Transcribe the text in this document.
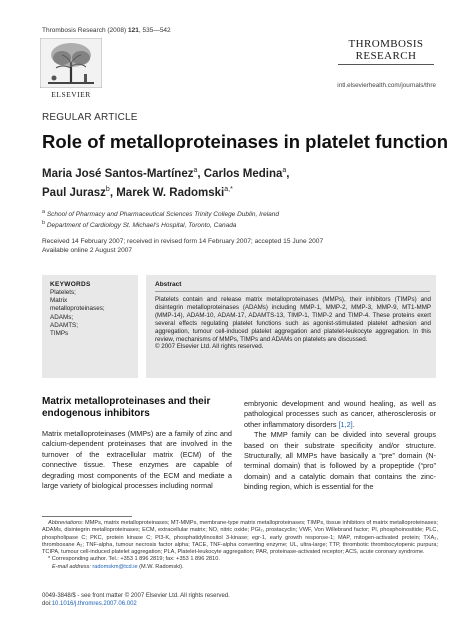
Thrombosis Research (2008) 121, 535—542
ELSEVIER
THROMBOSIS
RESEARCH
intl.elsevierhealth.com/journals/thre
REGULAR ARTICLE
Role of metalloproteinases in platelet function
Maria José Santos-Martínez$^a$, Carlos Medina$^a$,
Paul Jurasz$^b$, Marek W. Radomski$^{a,*}$
$^a$ School of Pharmacy and Pharmaceutical Sciences Trinity College Dublin, Ireland
$^b$ Department of Cardiology St. Michael's Hospital, Toronto, Canada
Received 14 February 2007; received in revised form 14 February 2007; accepted 15 June 2007
Available online 2 August 2007
KEYWORDS
Platelets;
Matrix
metalloproteinases;
ADAMs;
ADAMTS;
TIMPs
Abstract
Platelets contain and release matrix metalloproteinases (MMPs), their inhibitors (TIMPs) and disintegrin metalloproteinases (ADAMs) including MMP-1, MMP-2, MMP-3, MMP-9, MT1-MMP (MMP-14), ADAM-10, ADAM-17, ADAMTS-13, TIMP-1, TIMP-2 and TIMP-4. These proteins exert several effects regulating platelet functions such as agonist-stimulated platelet adhesion and aggregation, tumour cell-induced platelet aggregation and platelet-leukocyte aggregation. In this review, mechanisms of MMPs, TIMPs and ADAMs on platelets are discussed.
© 2007 Elsevier Ltd. All rights reserved.
Matrix metalloproteinases and their endogenous inhibitors
Matrix metalloproteinases (MMPs) are a family of zinc and calcium-dependent proteinases that are involved in the turnover of the extracellular matrix (ECM) of the connective tissue. These enzymes are capable of degrading most components of the ECM and mediate a large variety of biological processes including normal
embryonic development and wound healing, as well as pathological processes such as cancer, atherosclerosis or other inflammatory disorders [1,2].
The MMP family can be divided into several groups based on their substrate specificity and/or structure. Structurally, all MMPs have basically a “pre” domain (N-terminal domain) that is followed by a propeptide (“pro” domain) and a catalytic domain that contains the zinc-binding region, which is essential for the
Abbreviations: MMPs, matrix metalloproteinases; MT-MMPs, membrane-type matrix metalloproteinases; TIMPs, tissue inhibitors of matrix metalloproteinases; ADAMs, disintegrin metalloproteinases; ECM, extracellular matrix; NO, nitric oxide; PGI₂, prostacyclin; VWF, Von Willebrand factor; PI, phosphoinositide; PLC, phospholipase C; PKC, protein kinase C; PI3-K, phosphatidylinositol 3-kinase; egr-1, early growth response-1; MAP, mitogen-activated protein; TXA₂, thromboxane A₂; TNF-alpha, tumour necrosis factor alpha; TACE, TNF-alpha converting enzyme; UL, ultra-large; TTP, thrombotic thrombocytopenic purpura; TCIPA, tumour cell-induced platelet aggregation; PLA, Platelet-leukocyte aggregation; PAR, proteinase-activated receptor; ACS, acute coronary syndrome.
* Corresponding author. Tel.: +353 1 896 2819; fax: +353 1 896 2810.
E-mail address: radomskm@tcd.ie (M.W. Radomski).
0049-3848/$ - see front matter © 2007 Elsevier Ltd. All rights reserved.
doi:10.1016/j.thromres.2007.06.002
